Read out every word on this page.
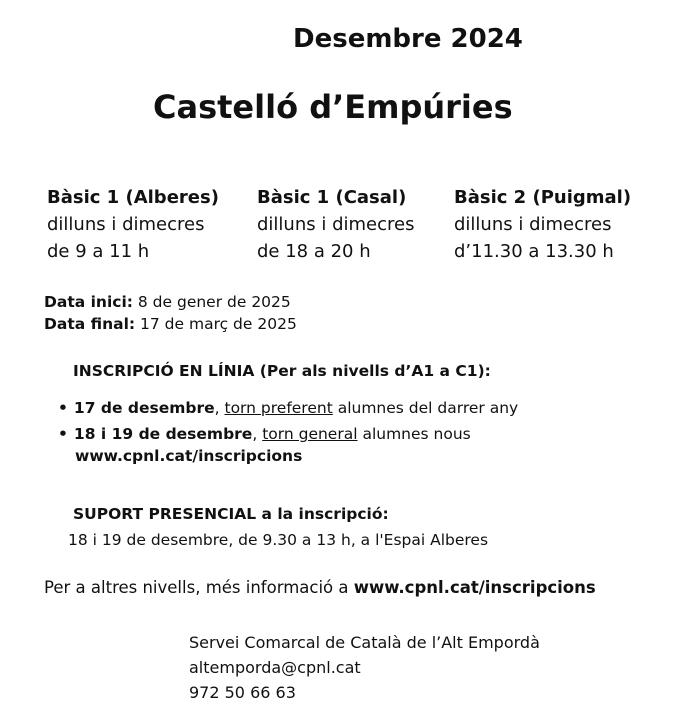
Desembre 2024
Castelló d’Empúries
Bàsic 1 (Alberes)
dilluns i dimecres
de 9 a 11 h
Bàsic 1 (Casal)
dilluns i dimecres
de 18 a 20 h
Bàsic 2 (Puigmal)
dilluns i dimecres
d’11.30 a 13.30 h
Data inici: 8 de gener de 2025
Data final: 17 de març de 2025
INSCRIPCIÓ EN LÍNIA (Per als nivells d’A1 a C1):
• 17 de desembre, torn preferent alumnes del darrer any
• 18 i 19 de desembre, torn general alumnes nous
www.cpnl.cat/inscripcions
SUPORT PRESENCIAL a la inscripció:
18 i 19 de desembre, de 9.30 a 13 h, a l'Espai Alberes
Per a altres nivells, més informació a www.cpnl.cat/inscripcions
Servei Comarcal de Català de l’Alt Empordà
altemporda@cpnl.cat
972 50 66 63
